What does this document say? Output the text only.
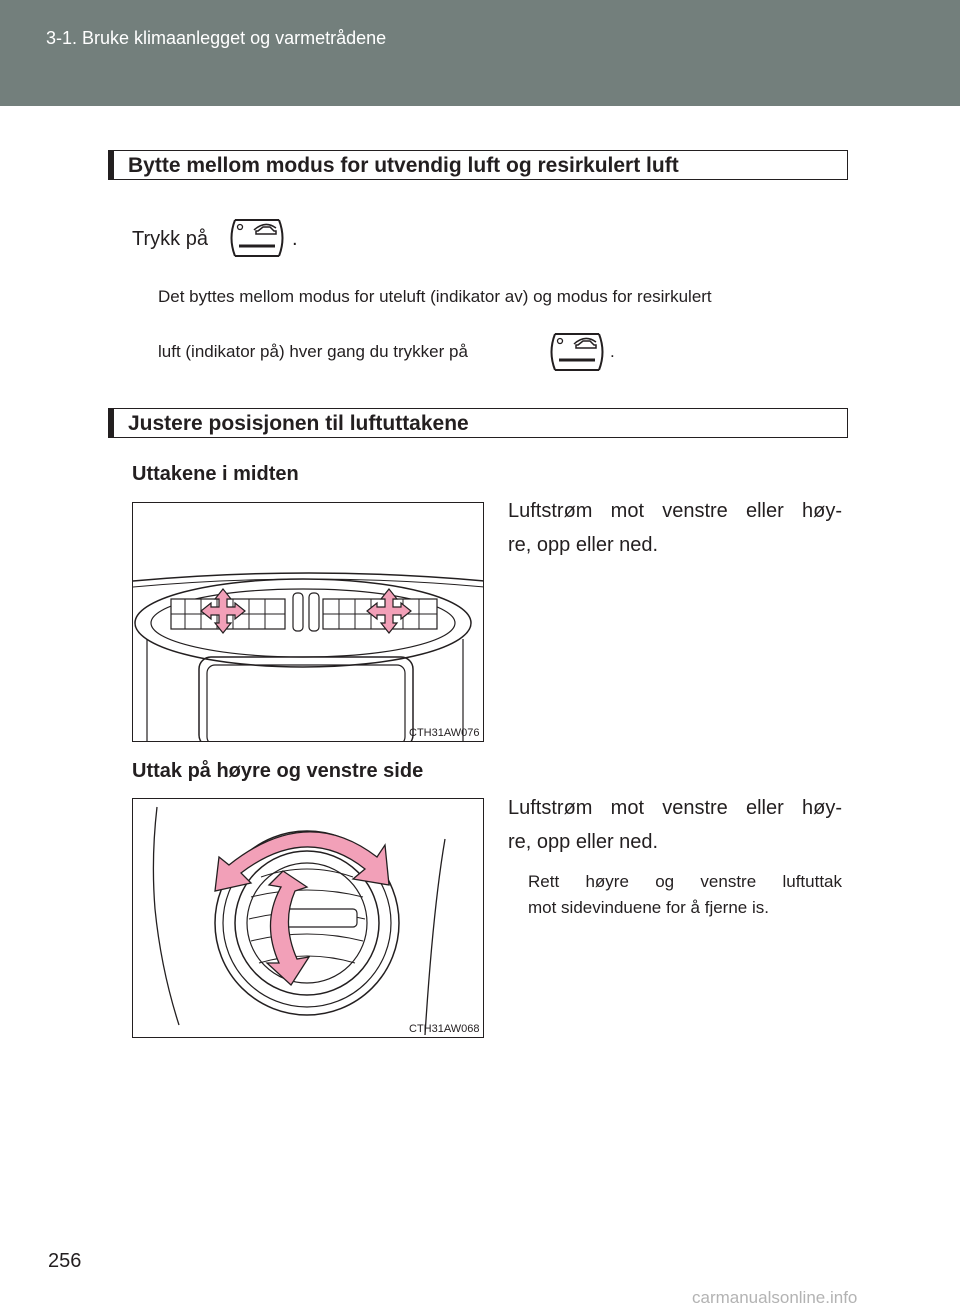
3-1. Bruke klimaanlegget og varmetrådene
Bytte mellom modus for utvendig luft og resirkulert luft
Trykk på	.
Det byttes mellom modus for uteluft (indikator av) og modus for resirkulert
luft (indikator på) hver gang du trykker på	.
Justere posisjonen til luftuttakene
Uttakene i midten
CTH31AW076
Luftstrøm mot venstre eller høy-
re, opp eller ned.
Uttak på høyre og venstre side
CTH31AW068
Luftstrøm mot venstre eller høy-
re, opp eller ned.
Rett høyre og venstre luftuttak
mot sidevinduene for å fjerne is.
256
carmanualsonline.info
